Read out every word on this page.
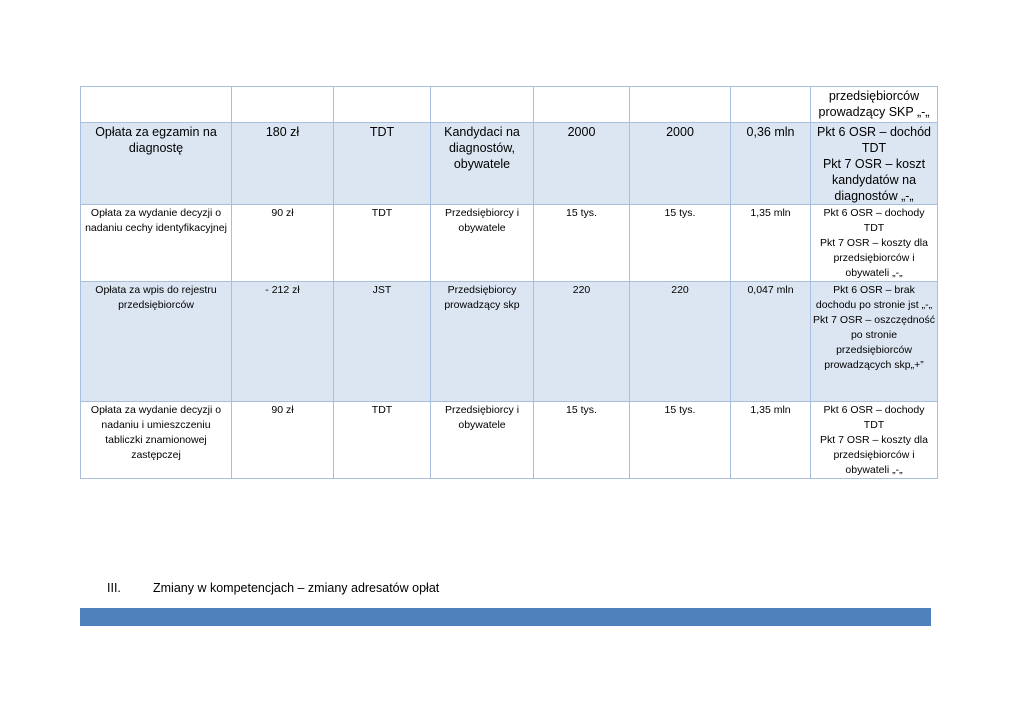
							przedsiębiorców prowadzący SKP „-„
Opłata za egzamin na diagnostę	180 zł	TDT	Kandydaci na diagnostów, obywatele	2000	2000	0,36 mln	Pkt 6 OSR – dochód TDT
Pkt 7 OSR – koszt kandydatów na diagnostów „-„
Opłata za wydanie decyzji o nadaniu cechy identyfikacyjnej	90 zł	TDT	Przedsiębiorcy i obywatele	15 tys.	15 tys.	1,35 mln	Pkt 6 OSR – dochody TDT
Pkt 7 OSR – koszty dla przedsiębiorców i obywateli „-„
Opłata za wpis do rejestru przedsiębiorców	- 212 zł	JST	Przedsiębiorcy prowadzący skp	220	220	0,047 mln	Pkt 6 OSR – brak dochodu po stronie jst „-„
Pkt 7 OSR – oszczędność po stronie przedsiębiorców prowadzących skp„+”
Opłata za wydanie decyzji o nadaniu i umieszczeniu tabliczki znamionowej zastępczej	90 zł	TDT	Przedsiębiorcy i obywatele	15 tys.	15 tys.	1,35 mln	Pkt 6 OSR – dochody TDT
Pkt 7 OSR – koszty dla przedsiębiorców i obywateli „-„
III.	Zmiany w kompetencjach – zmiany adresatów opłat
